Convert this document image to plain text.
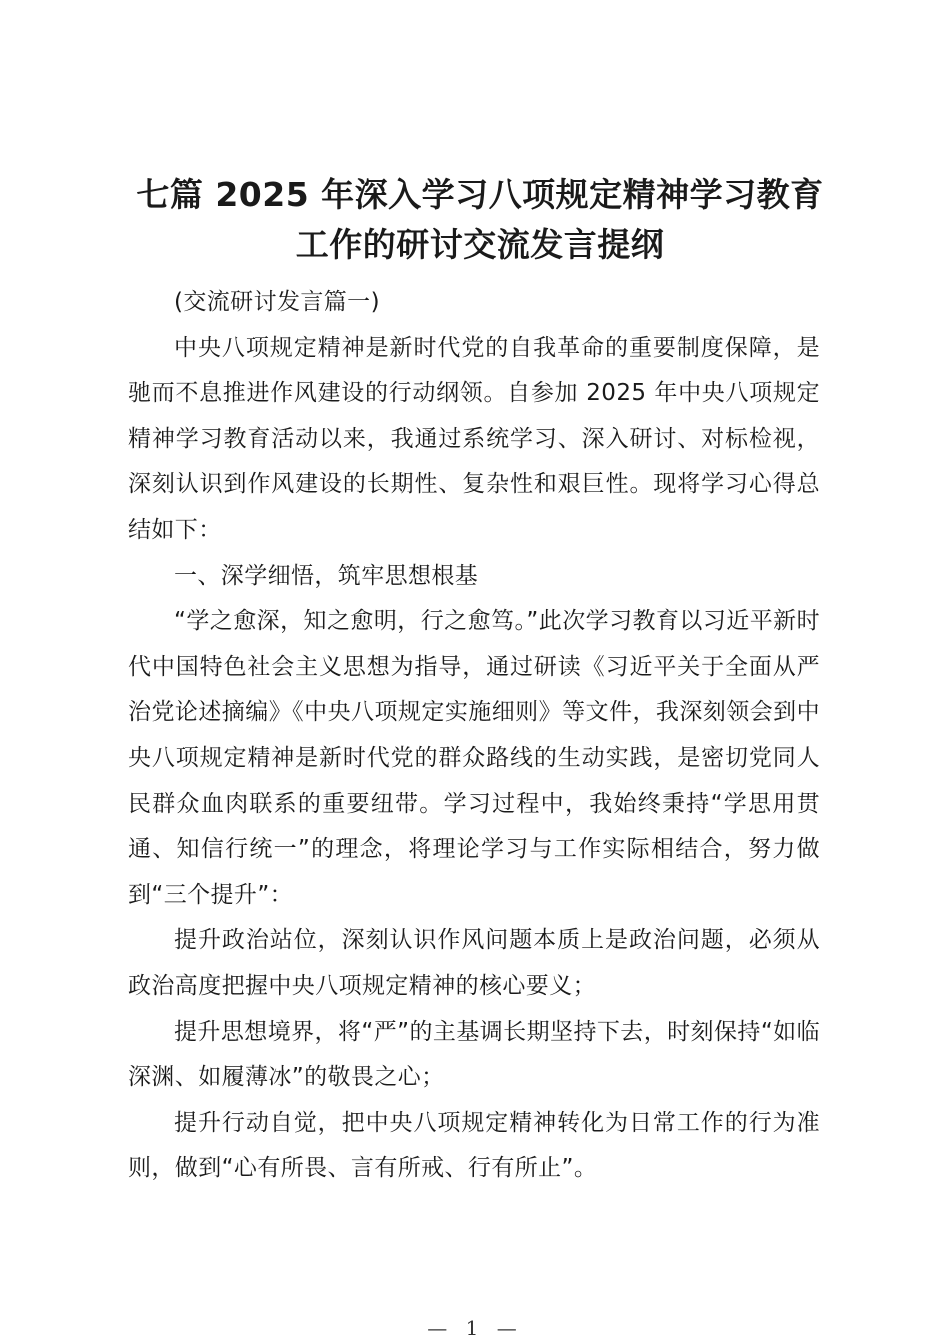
七篇 2025 年深入学习八项规定精神学习教育
工作的研讨交流发言提纲

(交流研讨发言篇一)

中央八项规定精神是新时代党的自我革命的重要制度保障，是驰而不息推进作风建设的行动纲领。自参加 2025 年中央八项规定精神学习教育活动以来，我通过系统学习、深入研讨、对标检视，深刻认识到作风建设的长期性、复杂性和艰巨性。现将学习心得总结如下：

一、深学细悟，筑牢思想根基

“学之愈深，知之愈明，行之愈笃。”此次学习教育以习近平新时代中国特色社会主义思想为指导，通过研读《习近平关于全面从严治党论述摘编》《中央八项规定实施细则》等文件，我深刻领会到中央八项规定精神是新时代党的群众路线的生动实践，是密切党同人民群众血肉联系的重要纽带。学习过程中，我始终秉持“学思用贯通、知信行统一”的理念，将理论学习与工作实际相结合，努力做到“三个提升”：

提升政治站位，深刻认识作风问题本质上是政治问题，必须从政治高度把握中央八项规定精神的核心要义；

提升思想境界，将“严”的主基调长期坚持下去，时刻保持“如临深渊、如履薄冰”的敬畏之心；

提升行动自觉，把中央八项规定精神转化为日常工作的行为准则，做到“心有所畏、言有所戒、行有所止”。

— 1 —
